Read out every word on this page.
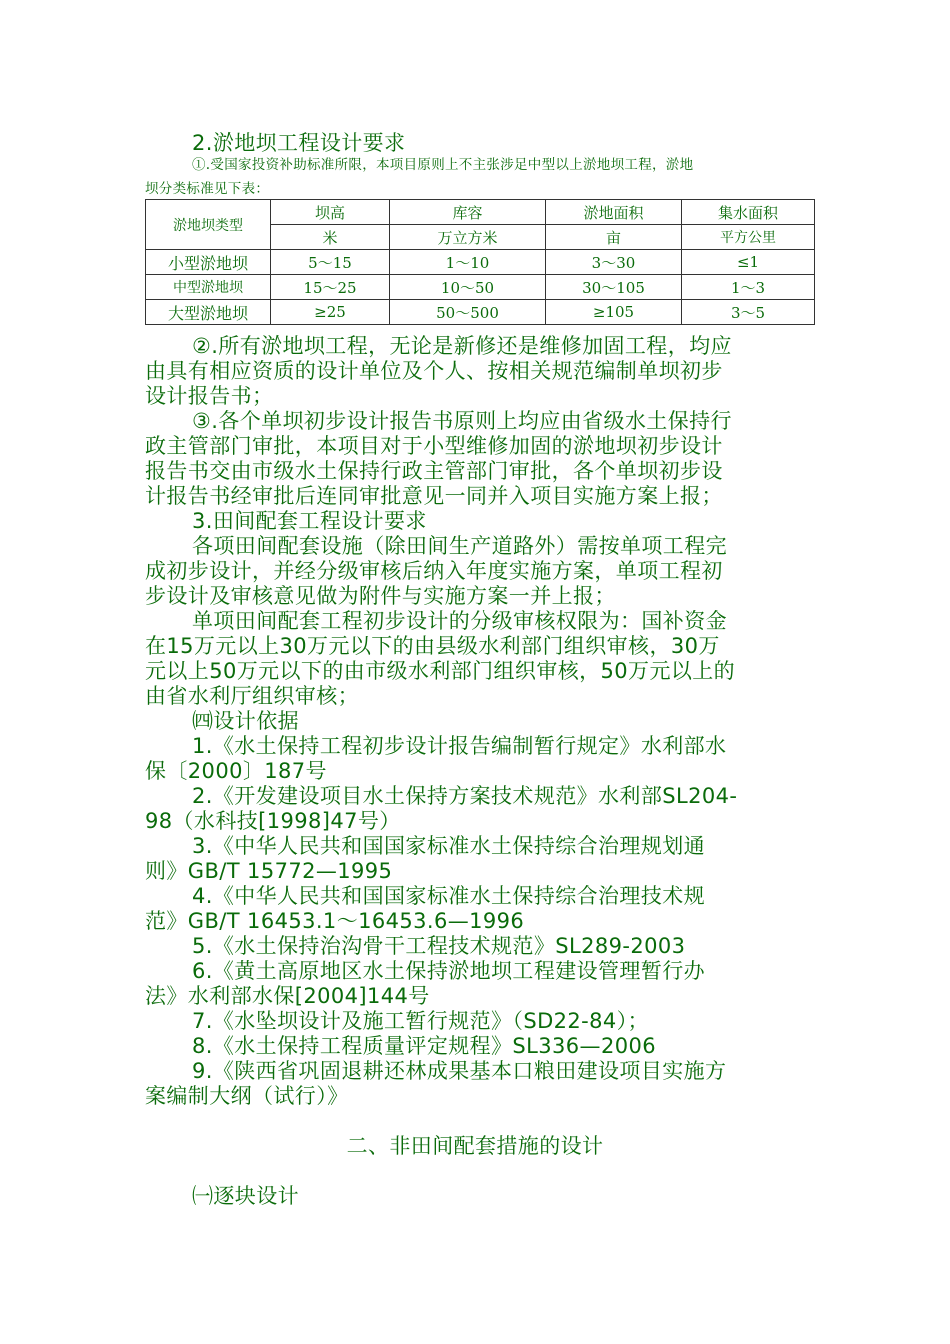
2.淤地坝工程设计要求
①.受国家投资补助标准所限，本项目原则上不主张涉足中型以上淤地坝工程，淤地
坝分类标准见下表：
淤地坝类型	坝高	库容	淤地面积	集水面积
	米	万立方米	亩	平方公里
小型淤地坝	5～15	1～10	3～30	≤1
中型淤地坝	15～25	10～50	30～105	1～3
大型淤地坝	≥25	50～500	≥105	3～5
②.所有淤地坝工程，无论是新修还是维修加固工程，均应
由具有相应资质的设计单位及个人、按相关规范编制单坝初步
设计报告书；
③.各个单坝初步设计报告书原则上均应由省级水土保持行
政主管部门审批，本项目对于小型维修加固的淤地坝初步设计
报告书交由市级水土保持行政主管部门审批，各个单坝初步设
计报告书经审批后连同审批意见一同并入项目实施方案上报；
3.田间配套工程设计要求
各项田间配套设施（除田间生产道路外）需按单项工程完
成初步设计，并经分级审核后纳入年度实施方案，单项工程初
步设计及审核意见做为附件与实施方案一并上报；
单项田间配套工程初步设计的分级审核权限为：国补资金
在15万元以上30万元以下的由县级水利部门组织审核，30万
元以上50万元以下的由市级水利部门组织审核，50万元以上的
由省水利厅组织审核；
㈣设计依据
1.《水土保持工程初步设计报告编制暂行规定》水利部水
保〔2000〕187号
2.《开发建设项目水土保持方案技术规范》水利部SL204-
98（水科技[1998]47号）
3.《中华人民共和国国家标准水土保持综合治理规划通
则》GB/T 15772—1995
4.《中华人民共和国国家标准水土保持综合治理技术规
范》GB/T 16453.1～16453.6—1996
5.《水土保持治沟骨干工程技术规范》SL289-2003
6.《黄土高原地区水土保持淤地坝工程建设管理暂行办
法》水利部水保[2004]144号
7.《水坠坝设计及施工暂行规范》（SD22-84）；
8.《水土保持工程质量评定规程》SL336—2006
9.《陕西省巩固退耕还林成果基本口粮田建设项目实施方
案编制大纲（试行）》
二、非田间配套措施的设计
㈠逐块设计
